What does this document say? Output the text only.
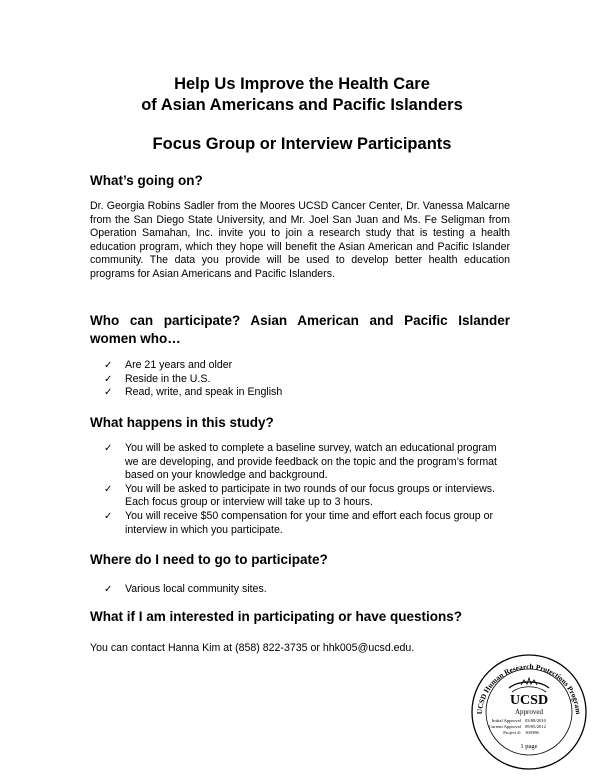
Help Us Improve the Health Care
of Asian Americans and Pacific Islanders
Focus Group or Interview Participants
What’s going on?

Dr. Georgia Robins Sadler from the Moores UCSD Cancer Center, Dr. Vanessa Malcarne from the San Diego State University, and Mr. Joel San Juan and Ms. Fe Seligman from Operation Samahan, Inc. invite you to join a research study that is testing a health education program, which they hope will benefit the Asian American and Pacific Islander community. The data you provide will be used to develop better health education programs for Asian Americans and Pacific Islanders.

Who can participate? Asian American and Pacific Islander women who…
✓	Are 21 years and older
✓	Reside in the U.S.
✓	Read, write, and speak in English
What happens in this study?
✓	You will be asked to complete a baseline survey, watch an educational program we are developing, and provide feedback on the topic and the program’s format based on your knowledge and background.
✓	You will be asked to participate in two rounds of our focus groups or interviews. Each focus group or interview will take up to 3 hours.
✓	You will receive $50 compensation for your time and effort each focus group or interview in which you participate.
Where do I need to go to participate?
✓	Various local community sites.
What if I am interested in participating or have questions?

You can contact Hanna Kim at (858) 822-3735 or hhk005@ucsd.edu.

UCSD Human Research Protections Program
UCSD
Approved
Initial Approval 03/08/2010
Current Approval 09/05/2012
Project #: 100386
1 page
